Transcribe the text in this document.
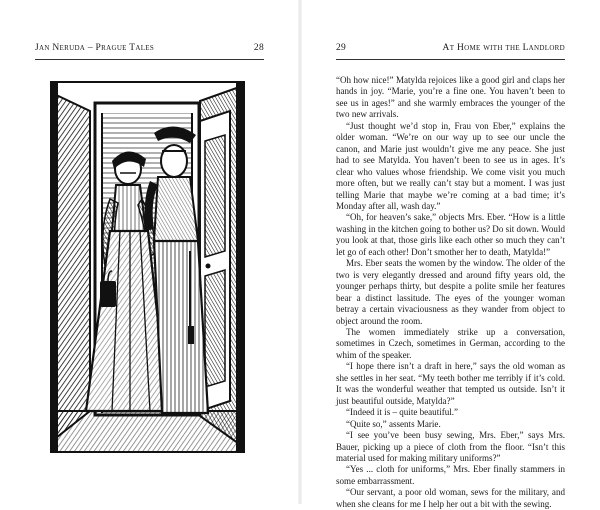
Jan Neruda – Prague Tales	28	29	At Home with the Landlord

“Oh how nice!” Matylda rejoices like a good girl and claps her hands in joy. “Marie, you’re a fine one. You haven’t been to see us in ages!” and she warmly embraces the younger of the two new arrivals.

“Just thought we’d stop in, Frau von Eber,” explains the older woman. “We’re on our way up to see our uncle the canon, and Marie just wouldn’t give me any peace. She just had to see Matylda. You haven’t been to see us in ages. It’s clear who values whose friendship. We come visit you much more often, but we really can’t stay but a moment. I was just telling Marie that maybe we’re coming at a bad time; it’s Monday after all, wash day.”

“Oh, for heaven’s sake,” objects Mrs. Eber. “How is a little washing in the kitchen going to bother us? Do sit down. Would you look at that, those girls like each other so much they can’t let go of each other! Don’t smother her to death, Matylda!”

Mrs. Eber seats the women by the window. The older of the two is very elegantly dressed and around fifty years old, the younger perhaps thirty, but despite a polite smile her features bear a distinct lassitude. The eyes of the younger woman betray a certain vivaciousness as they wander from object to object around the room.

The women immediately strike up a conversation, sometimes in Czech, sometimes in German, according to the whim of the speaker.

“I hope there isn’t a draft in here,” says the old woman as she settles in her seat. “My teeth bother me terribly if it’s cold. It was the wonderful weather that tempted us outside. Isn’t it just beautiful outside, Matylda?”

“Indeed it is – quite beautiful.”

“Quite so,” assents Marie.

“I see you’ve been busy sewing, Mrs. Eber,” says Mrs. Bauer, picking up a piece of cloth from the floor. “Isn’t this material used for making military uniforms?”

“Yes ... cloth for uniforms,” Mrs. Eber finally stammers in some embarrassment.

“Our servant, a poor old woman, sews for the military, and when she cleans for me I help her out a bit with the sewing.
